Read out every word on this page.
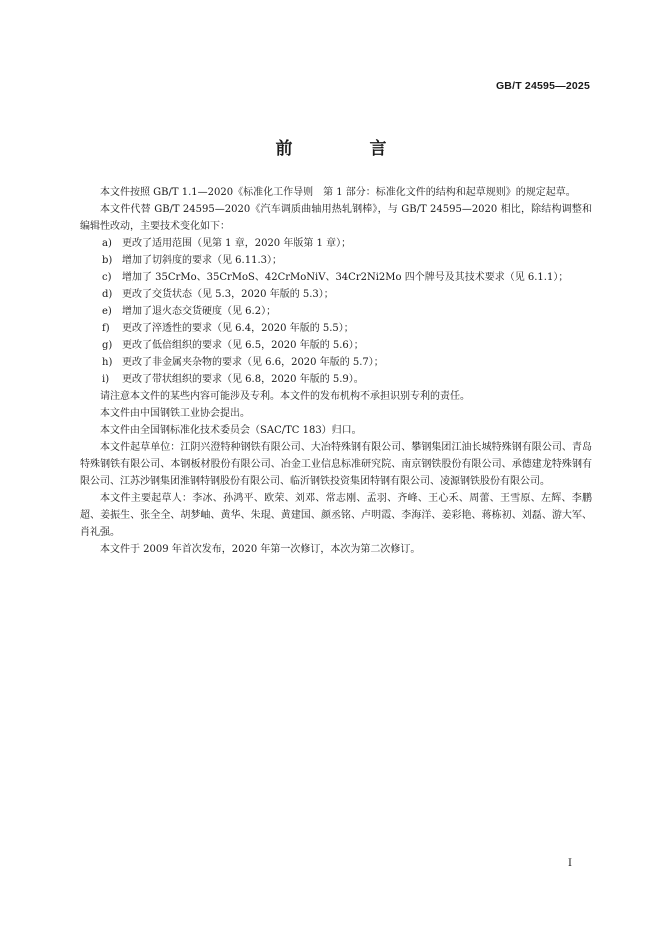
GB/T 24595—2025
前　言

本文件按照 GB/T 1.1—2020《标准化工作导则　第 1 部分：标准化文件的结构和起草规则》的规定起草。

本文件代替 GB/T 24595—2020《汽车调质曲轴用热轧钢棒》，与 GB/T 24595—2020 相比，除结构调整和编辑性改动，主要技术变化如下：

a)	更改了适用范围（见第 1 章，2020 年版第 1 章）；

b) 增加了切斜度的要求（见 6.11.3）；

c)	增加了 35CrMo、35CrMoS、42CrMoNiV、34Cr2Ni2Mo 四个牌号及其技术要求（见 6.1.1）；

d) 更改了交货状态（见 5.3，2020 年版的 5.3）；

e)	增加了退火态交货硬度（见 6.2）；

f)	更改了淬透性的要求（见 6.4，2020 年版的 5.5）；

g) 更改了低倍组织的要求（见 6.5，2020 年版的 5.6）；

h) 更改了非金属夹杂物的要求（见 6.6，2020 年版的 5.7）；

i)	更改了带状组织的要求（见 6.8，2020 年版的 5.9）。

请注意本文件的某些内容可能涉及专利。本文件的发布机构不承担识别专利的责任。

本文件由中国钢铁工业协会提出。

本文件由全国钢标准化技术委员会（SAC/TC 183）归口。

本文件起草单位：江阴兴澄特种钢铁有限公司、大冶特殊钢有限公司、攀钢集团江油长城特殊钢有限公司、青岛特殊钢铁有限公司、本钢板材股份有限公司、冶金工业信息标准研究院、南京钢铁股份有限公司、承德建龙特殊钢有限公司、江苏沙钢集团淮钢特钢股份有限公司、临沂钢铁投资集团特钢有限公司、凌源钢铁股份有限公司。

本文件主要起草人：李冰、孙鸿平、欧荣、刘邓、常志刚、孟羽、齐峰、王心禾、周蕾、王雪原、左辉、李鹏超、姜振生、张全全、胡梦岫、黄华、朱琨、黄建国、颜丞铭、卢明霞、李海洋、姜彩艳、蒋栋初、刘磊、游大军、肖礼强。

本文件于 2009 年首次发布，2020 年第一次修订，本次为第二次修订。

I
